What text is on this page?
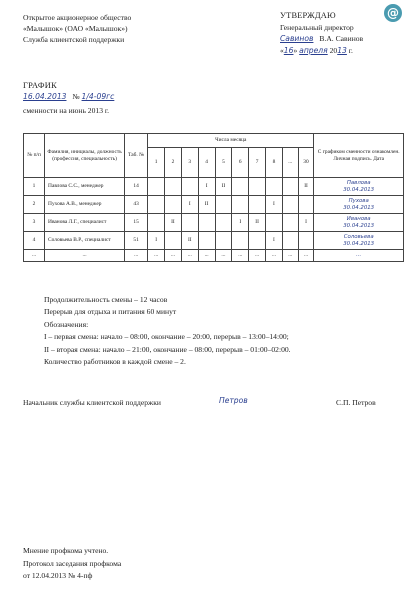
Открытое акционерное общество
«Малышок» (ОАО «Малышок»)
Служба клиентской поддержки
@
УТВЕРЖДАЮ
Генеральный директор
Савинов В.А. Савинов
«16» апреля 2013 г.
ГРАФИК
16.04.2013 № 1/4-09гс
сменности на июнь 2013 г.
№ п/п	Фамилия, инициалы, должность (профессия, специальность)	Таб. №	Числа месяца										С графиком сменности ознакомлен. Личная подпись. Дата
			1	2	3	4	5	6	7	8	...	30	
1	Павлова С.С., менеджер	14				I	II					II	Павлова
30.04.2013

2	Пухова А.В., менеджер	43			I	II				I			Пухова
30.04.2013

3	Иванова Л.Г., специалист	15		II				I	II			I	Иванова
30.04.2013

4	Соловьева В.Р., специалист	51	I		II					I			Соловьева
30.04.2013

...	...	...	...	...	...	...	...	...	...	...	...	...	...
Продолжительность смены – 12 часов
Перерыв для отдыха и питания 60 минут
Обозначения:
I – первая смена: начало – 08:00, окончание – 20:00, перерыв – 13:00–14:00;
II – вторая смена: начало – 21:00, окончание – 08:00, перерыв – 01:00–02:00.
Количество работников в каждой смене – 2.
Начальник службы клиентской поддержки	Петров	С.П. Петров
Мнение профкома учтено.
Протокол заседания профкома
от 12.04.2013 № 4-пф
